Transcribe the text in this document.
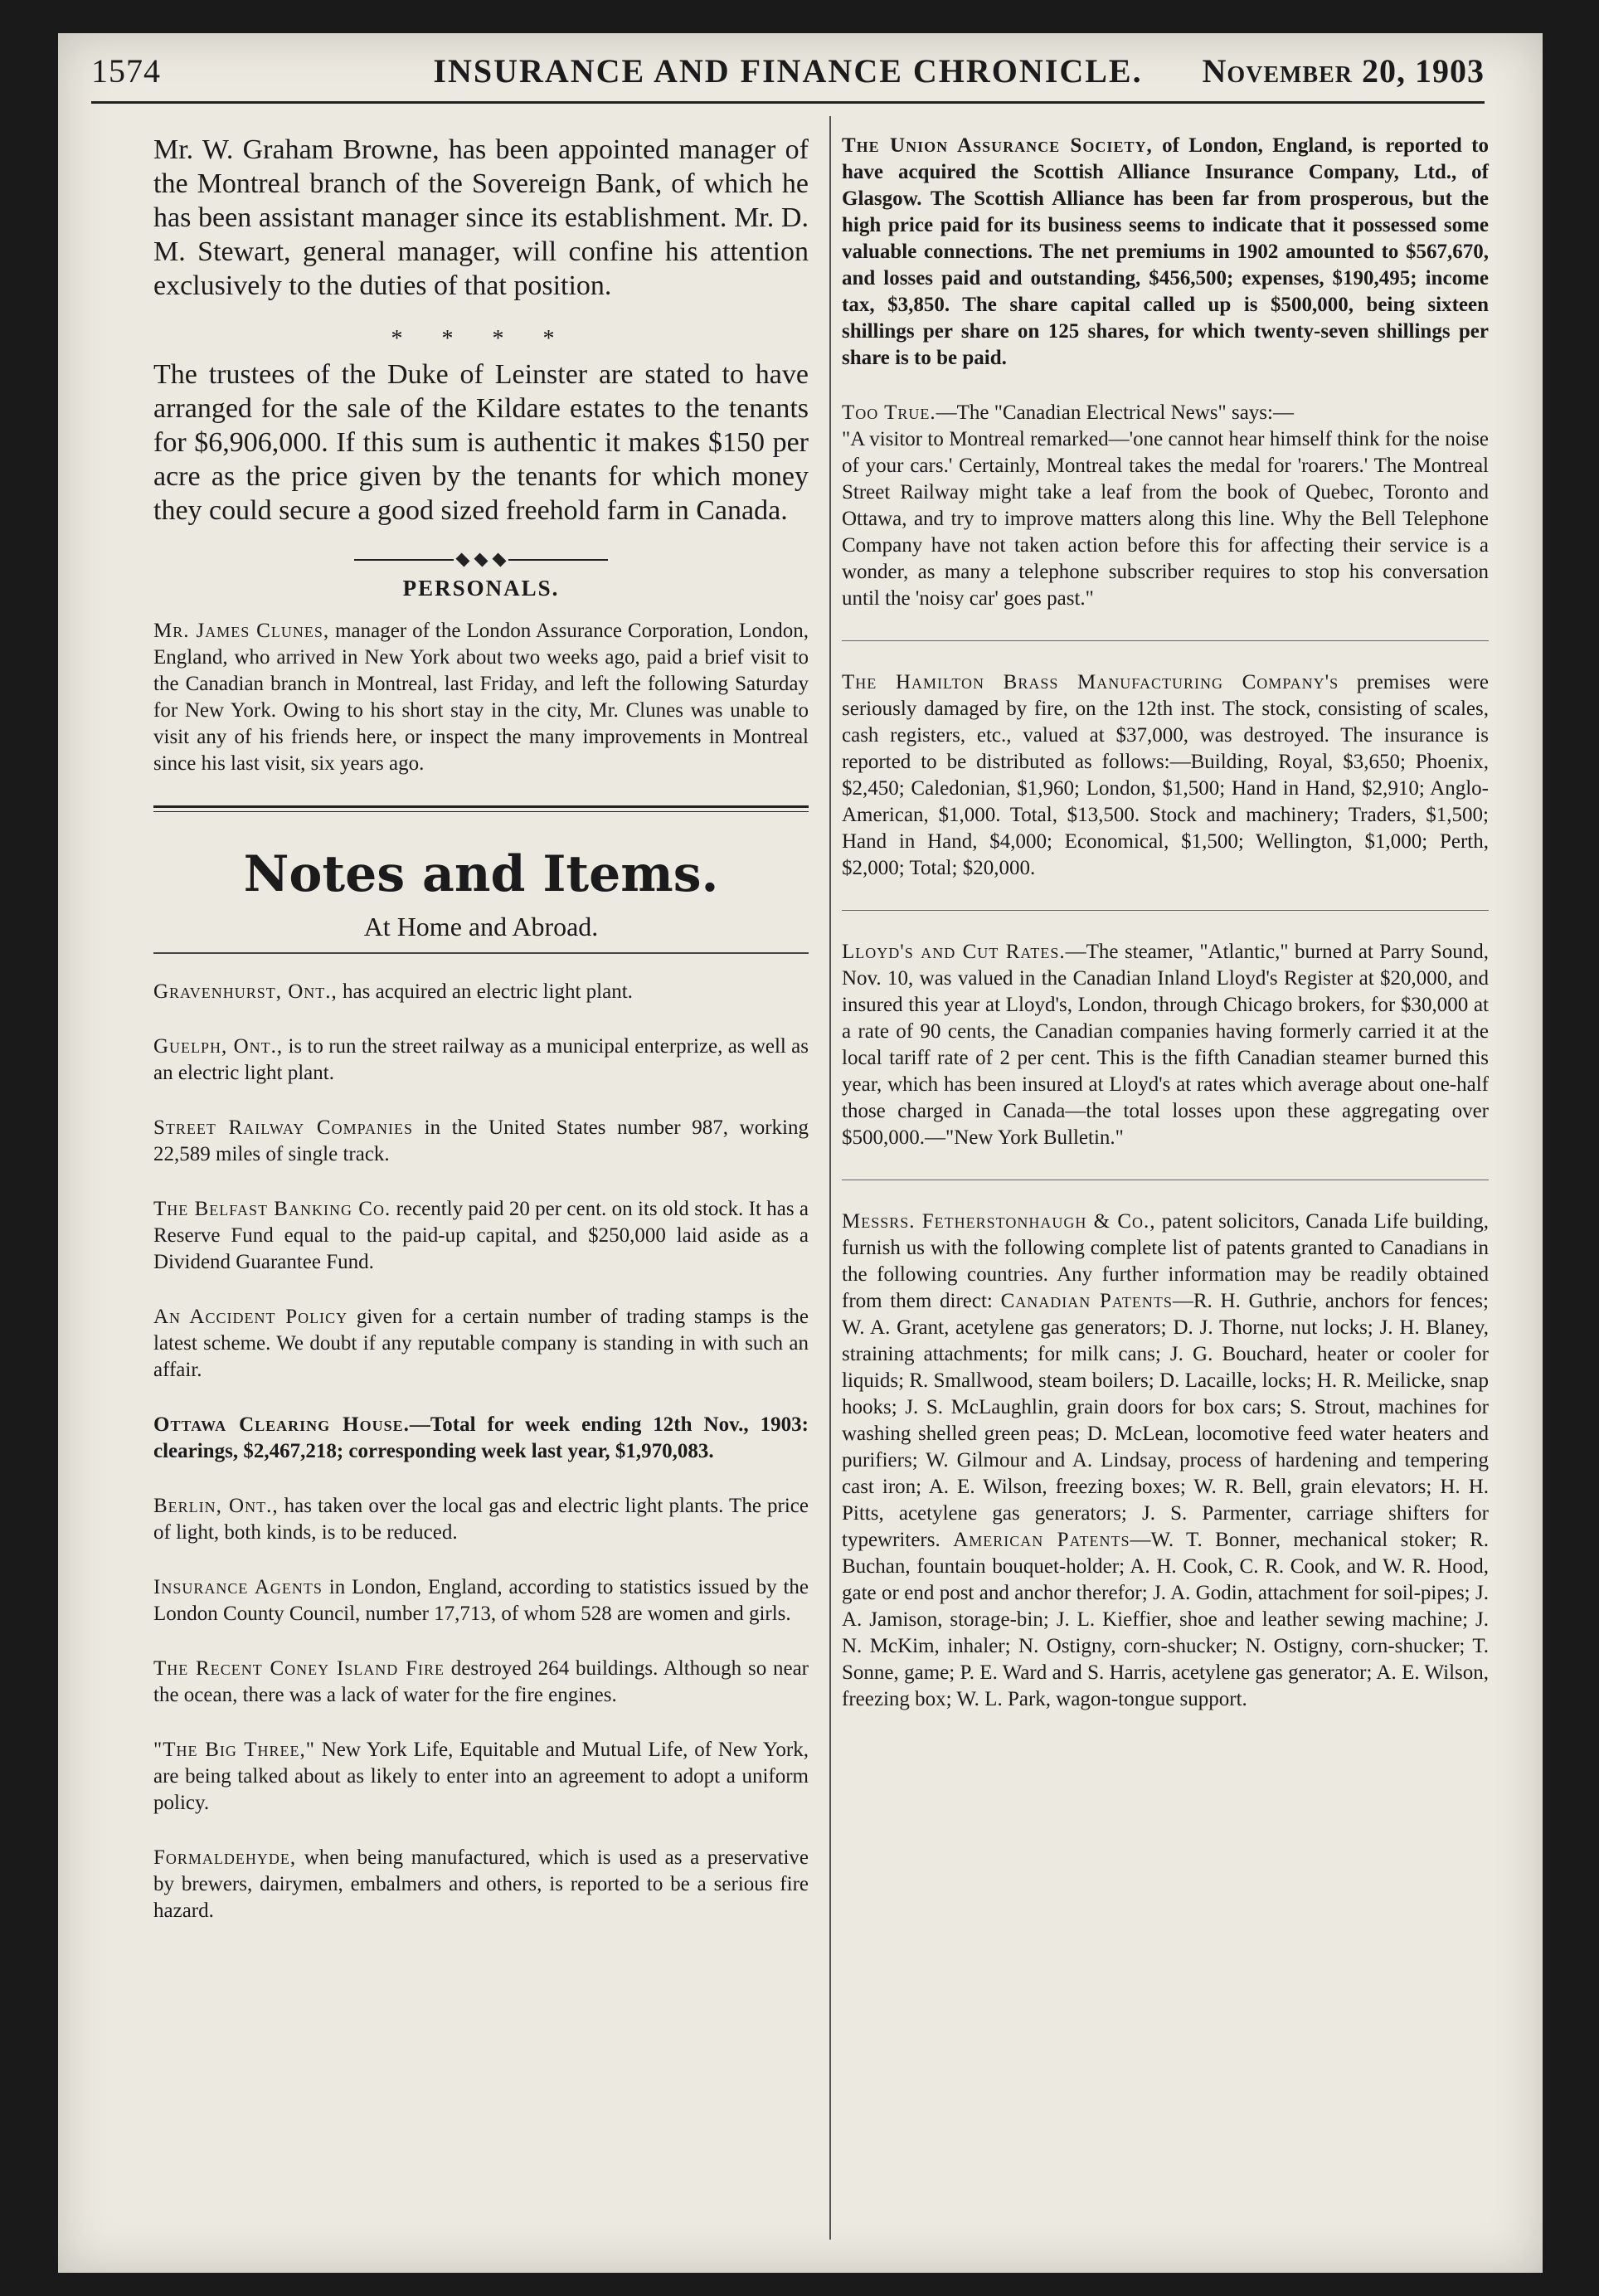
1574	INSURANCE AND FINANCE CHRONICLE.	November 20, 1903

Mr. W. Graham Browne, has been appointed manager of the Montreal branch of the Sovereign Bank, of which he has been assistant manager since its establishment. Mr. D. M. Stewart, general manager, will confine his attention exclusively to the duties of that position.

* * * *

The trustees of the Duke of Leinster are stated to have arranged for the sale of the Kildare estates to the tenants for $6,906,000. If this sum is authentic it makes $150 per acre as the price given by the tenants for which money they could secure a good sized freehold farm in Canada.

PERSONALS.

Mr. James Clunes, manager of the London Assurance Corporation, London, England, who arrived in New York about two weeks ago, paid a brief visit to the Canadian branch in Montreal, last Friday, and left the following Saturday for New York. Owing to his short stay in the city, Mr. Clunes was unable to visit any of his friends here, or inspect the many improvements in Montreal since his last visit, six years ago.

Notes and Items.
At Home and Abroad.

Gravenhurst, Ont., has acquired an electric light plant.

Guelph, Ont., is to run the street railway as a municipal enterprize, as well as an electric light plant.

Street Railway Companies in the United States number 987, working 22,589 miles of single track.

The Belfast Banking Co. recently paid 20 per cent. on its old stock. It has a Reserve Fund equal to the paid-up capital, and $250,000 laid aside as a Dividend Guarantee Fund.

An Accident Policy given for a certain number of trading stamps is the latest scheme. We doubt if any reputable company is standing in with such an affair.

Ottawa Clearing House.—Total for week ending 12th Nov., 1903: clearings, $2,467,218; corresponding week last year, $1,970,083.

Berlin, Ont., has taken over the local gas and electric light plants. The price of light, both kinds, is to be reduced.

Insurance Agents in London, England, according to statistics issued by the London County Council, number 17,713, of whom 528 are women and girls.

The Recent Coney Island Fire destroyed 264 buildings. Although so near the ocean, there was a lack of water for the fire engines.

"The Big Three," New York Life, Equitable and Mutual Life, of New York, are being talked about as likely to enter into an agreement to adopt a uniform policy.

Formaldehyde, when being manufactured, which is used as a preservative by brewers, dairymen, embalmers and others, is reported to be a serious fire hazard.

The Union Assurance Society, of London, England, is reported to have acquired the Scottish Alliance Insurance Company, Ltd., of Glasgow. The Scottish Alliance has been far from prosperous, but the high price paid for its business seems to indicate that it possessed some valuable connections. The net premiums in 1902 amounted to $567,670, and losses paid and outstanding, $456,500; expenses, $190,495; income tax, $3,850. The share capital called up is $500,000, being sixteen shillings per share on 125 shares, for which twenty-seven shillings per share is to be paid.

Too True.—The "Canadian Electrical News" says:—

"A visitor to Montreal remarked—'one cannot hear himself think for the noise of your cars.' Certainly, Montreal takes the medal for 'roarers.' The Montreal Street Railway might take a leaf from the book of Quebec, Toronto and Ottawa, and try to improve matters along this line. Why the Bell Telephone Company have not taken action before this for affecting their service is a wonder, as many a telephone subscriber requires to stop his conversation until the 'noisy car' goes past."

The Hamilton Brass Manufacturing Company's premises were seriously damaged by fire, on the 12th inst. The stock, consisting of scales, cash registers, etc., valued at $37,000, was destroyed. The insurance is reported to be distributed as follows:—Building, Royal, $3,650; Phoenix, $2,450; Caledonian, $1,960; London, $1,500; Hand in Hand, $2,910; Anglo-American, $1,000. Total, $13,500. Stock and machinery; Traders, $1,500; Hand in Hand, $4,000; Economical, $1,500; Wellington, $1,000; Perth, $2,000; Total; $20,000.

Lloyd's and Cut Rates.—The steamer, "Atlantic," burned at Parry Sound, Nov. 10, was valued in the Canadian Inland Lloyd's Register at $20,000, and insured this year at Lloyd's, London, through Chicago brokers, for $30,000 at a rate of 90 cents, the Canadian companies having formerly carried it at the local tariff rate of 2 per cent. This is the fifth Canadian steamer burned this year, which has been insured at Lloyd's at rates which average about one-half those charged in Canada—the total losses upon these aggregating over $500,000.—"New York Bulletin."

Messrs. Fetherstonhaugh & Co., patent solicitors, Canada Life building, furnish us with the following complete list of patents granted to Canadians in the following countries. Any further information may be readily obtained from them direct: Canadian Patents—R. H. Guthrie, anchors for fences; W. A. Grant, acetylene gas generators; D. J. Thorne, nut locks; J. H. Blaney, straining attachments; for milk cans; J. G. Bouchard, heater or cooler for liquids; R. Smallwood, steam boilers; D. Lacaille, locks; H. R. Meilicke, snap hooks; J. S. McLaughlin, grain doors for box cars; S. Strout, machines for washing shelled green peas; D. McLean, locomotive feed water heaters and purifiers; W. Gilmour and A. Lindsay, process of hardening and tempering cast iron; A. E. Wilson, freezing boxes; W. R. Bell, grain elevators; H. H. Pitts, acetylene gas generators; J. S. Parmenter, carriage shifters for typewriters. American Patents—W. T. Bonner, mechanical stoker; R. Buchan, fountain bouquet-holder; A. H. Cook, C. R. Cook, and W. R. Hood, gate or end post and anchor therefor; J. A. Godin, attachment for soil-pipes; J. A. Jamison, storage-bin; J. L. Kieffier, shoe and leather sewing machine; J. N. McKim, inhaler; N. Ostigny, corn-shucker; N. Ostigny, corn-shucker; T. Sonne, game; P. E. Ward and S. Harris, acetylene gas generator; A. E. Wilson, freezing box; W. L. Park, wagon-tongue support.
